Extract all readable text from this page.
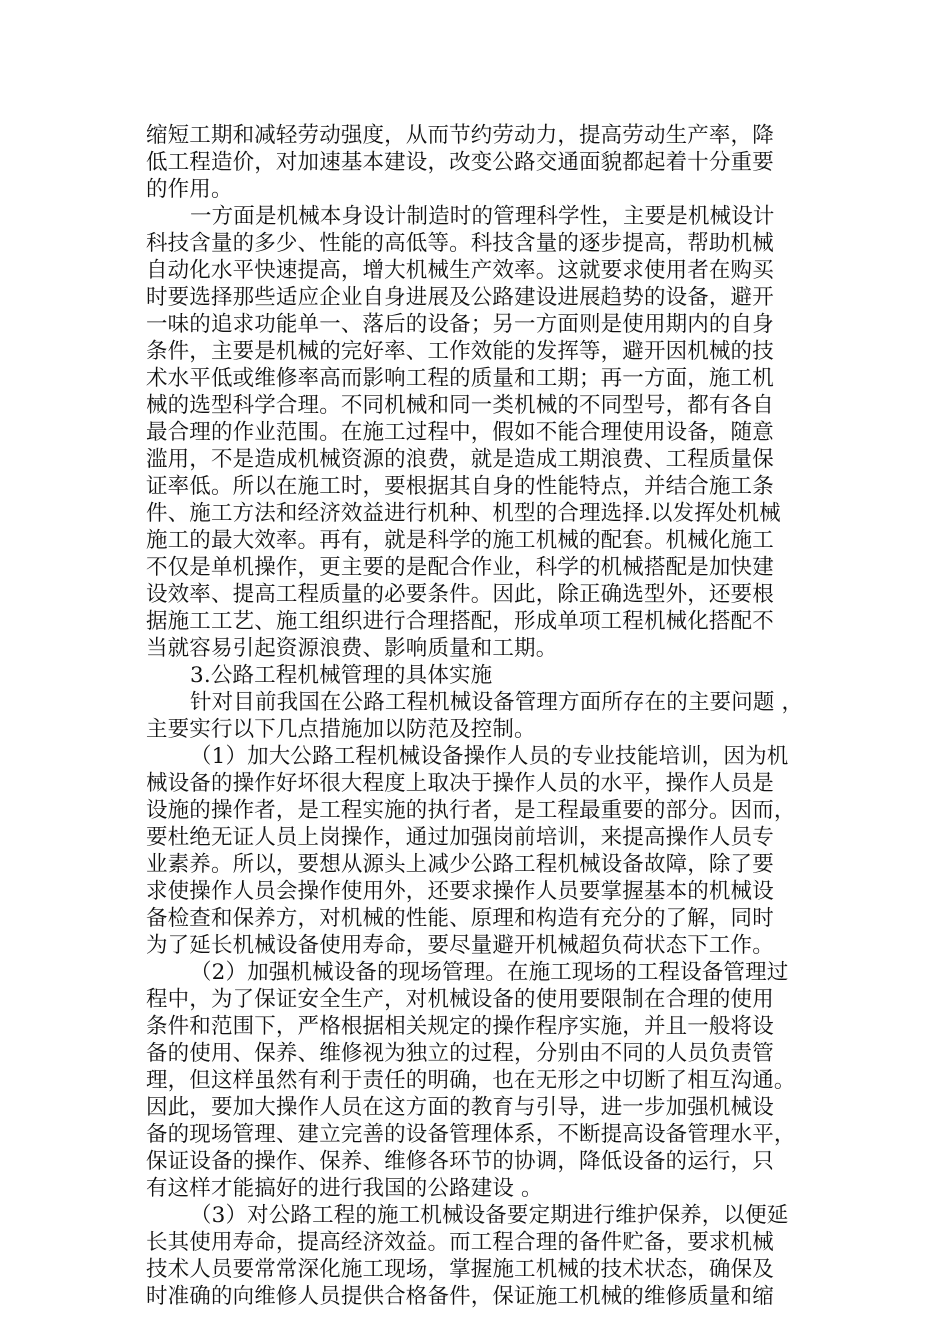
缩短工期和减轻劳动强度，从而节约劳动力，提高劳动生产率，降
低工程造价，对加速基本建设，改变公路交通面貌都起着十分重要
的作用。
一方面是机械本身设计制造时的管理科学性，主要是机械设计
科技含量的多少、性能的高低等。科技含量的逐步提高，帮助机械
自动化水平快速提高，增大机械生产效率。这就要求使用者在购买
时要选择那些适应企业自身进展及公路建设进展趋势的设备，避开
一味的追求功能单一、落后的设备；另一方面则是使用期内的自身
条件，主要是机械的完好率、工作效能的发挥等，避开因机械的技
术水平低或维修率高而影响工程的质量和工期；再一方面，施工机
械的选型科学合理。不同机械和同一类机械的不同型号，都有各自
最合理的作业范围。在施工过程中，假如不能合理使用设备，随意
滥用，不是造成机械资源的浪费，就是造成工期浪费、工程质量保
证率低。所以在施工时，要根据其自身的性能特点，并结合施工条
件、施工方法和经济效益进行机种、机型的合理选择.以发挥处机械
施工的最大效率。再有，就是科学的施工机械的配套。机械化施工
不仅是单机操作，更主要的是配合作业，科学的机械搭配是加快建
设效率、提高工程质量的必要条件。因此，除正确选型外，还要根
据施工工艺、施工组织进行合理搭配，形成单项工程机械化搭配不
当就容易引起资源浪费、影响质量和工期。
3.公路工程机械管理的具体实施
针对目前我国在公路工程机械设备管理方面所存在的主要问题 ，
主要实行以下几点措施加以防范及控制。
（1）加大公路工程机械设备操作人员的专业技能培训，因为机
械设备的操作好坏很大程度上取决于操作人员的水平，操作人员是
设施的操作者，是工程实施的执行者，是工程最重要的部分。因而，
要杜绝无证人员上岗操作，通过加强岗前培训，来提高操作人员专
业素养。所以，要想从源头上减少公路工程机械设备故障，除了要
求使操作人员会操作使用外，还要求操作人员要掌握基本的机械设
备检查和保养方，对机械的性能、原理和构造有充分的了解，同时
为了延长机械设备使用寿命，要尽量避开机械超负荷状态下工作。
（2）加强机械设备的现场管理。在施工现场的工程设备管理过
程中，为了保证安全生产，对机械设备的使用要限制在合理的使用
条件和范围下，严格根据相关规定的操作程序实施，并且一般将设
备的使用、保养、维修视为独立的过程，分别由不同的人员负责管
理，但这样虽然有利于责任的明确，也在无形之中切断了相互沟通。
因此，要加大操作人员在这方面的教育与引导，进一步加强机械设
备的现场管理、建立完善的设备管理体系，不断提高设备管理水平，
保证设备的操作、保养、维修各环节的协调，降低设备的运行，只
有这样才能搞好的进行我国的公路建设 。
（3）对公路工程的施工机械设备要定期进行维护保养，以便延
长其使用寿命，提高经济效益。而工程合理的备件贮备，要求机械
技术人员要常常深化施工现场，掌握施工机械的技术状态，确保及
时准确的向维修人员提供合格备件，保证施工机械的维修质量和缩
